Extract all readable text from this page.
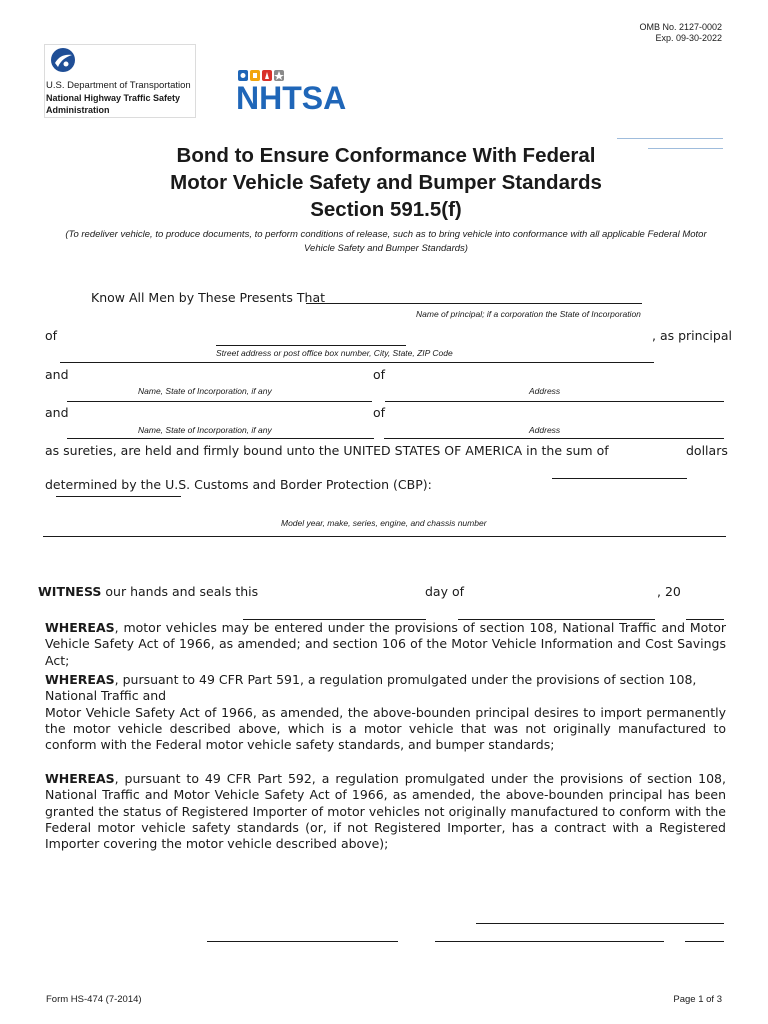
OMB No. 2127-0002
Exp. 09-30-2022
U.S. Department of Transportation
National Highway Traffic Safety
Administration	NHTSA
Bond to Ensure Conformance With Federal
Motor Vehicle Safety and Bumper Standards
Section 591.5(f)
(To redeliver vehicle, to produce documents, to perform conditions of release, such as to bring vehicle into conformance with all applicable Federal Motor Vehicle Safety and Bumper Standards)
Know All Men by These Presents That
Name of principal; if a corporation the State of Incorporation
of	, as principal
Street address or post office box number, City, State, ZIP Code
and	of
Name, State of Incorporation, if any	Address
and	of
Name, State of Incorporation, if any	Address
as sureties, are held and firmly bound unto the UNITED STATES OF AMERICA in the sum of	dollars
determined by the U.S. Customs and Border Protection (CBP):
Model year, make, series, engine, and chassis number
WITNESS our hands and seals this	day of	, 20
WHEREAS, motor vehicles may be entered under the provisions of section 108, National Traffic and Motor Vehicle Safety Act of 1966, as amended; and section 106 of the Motor Vehicle Information and Cost Savings Act;
WHEREAS, pursuant to 49 CFR Part 591, a regulation promulgated under the provisions of section 108, National Traffic and
Motor Vehicle Safety Act of 1966, as amended, the above-bounden principal desires to import permanently the motor vehicle described above, which is a motor vehicle that was not originally manufactured to conform with the Federal motor vehicle safety standards, and bumper standards;
WHEREAS, pursuant to 49 CFR Part 592, a regulation promulgated under the provisions of section 108, National Traffic and Motor Vehicle Safety Act of 1966, as amended, the above-bounden principal has been granted the status of Registered Importer of motor vehicles not originally manufactured to conform with the Federal motor vehicle safety standards (or, if not Registered Importer, has a contract with a Registered Importer covering the motor vehicle described above);
Form HS-474 (7-2014)	Page 1 of 3
